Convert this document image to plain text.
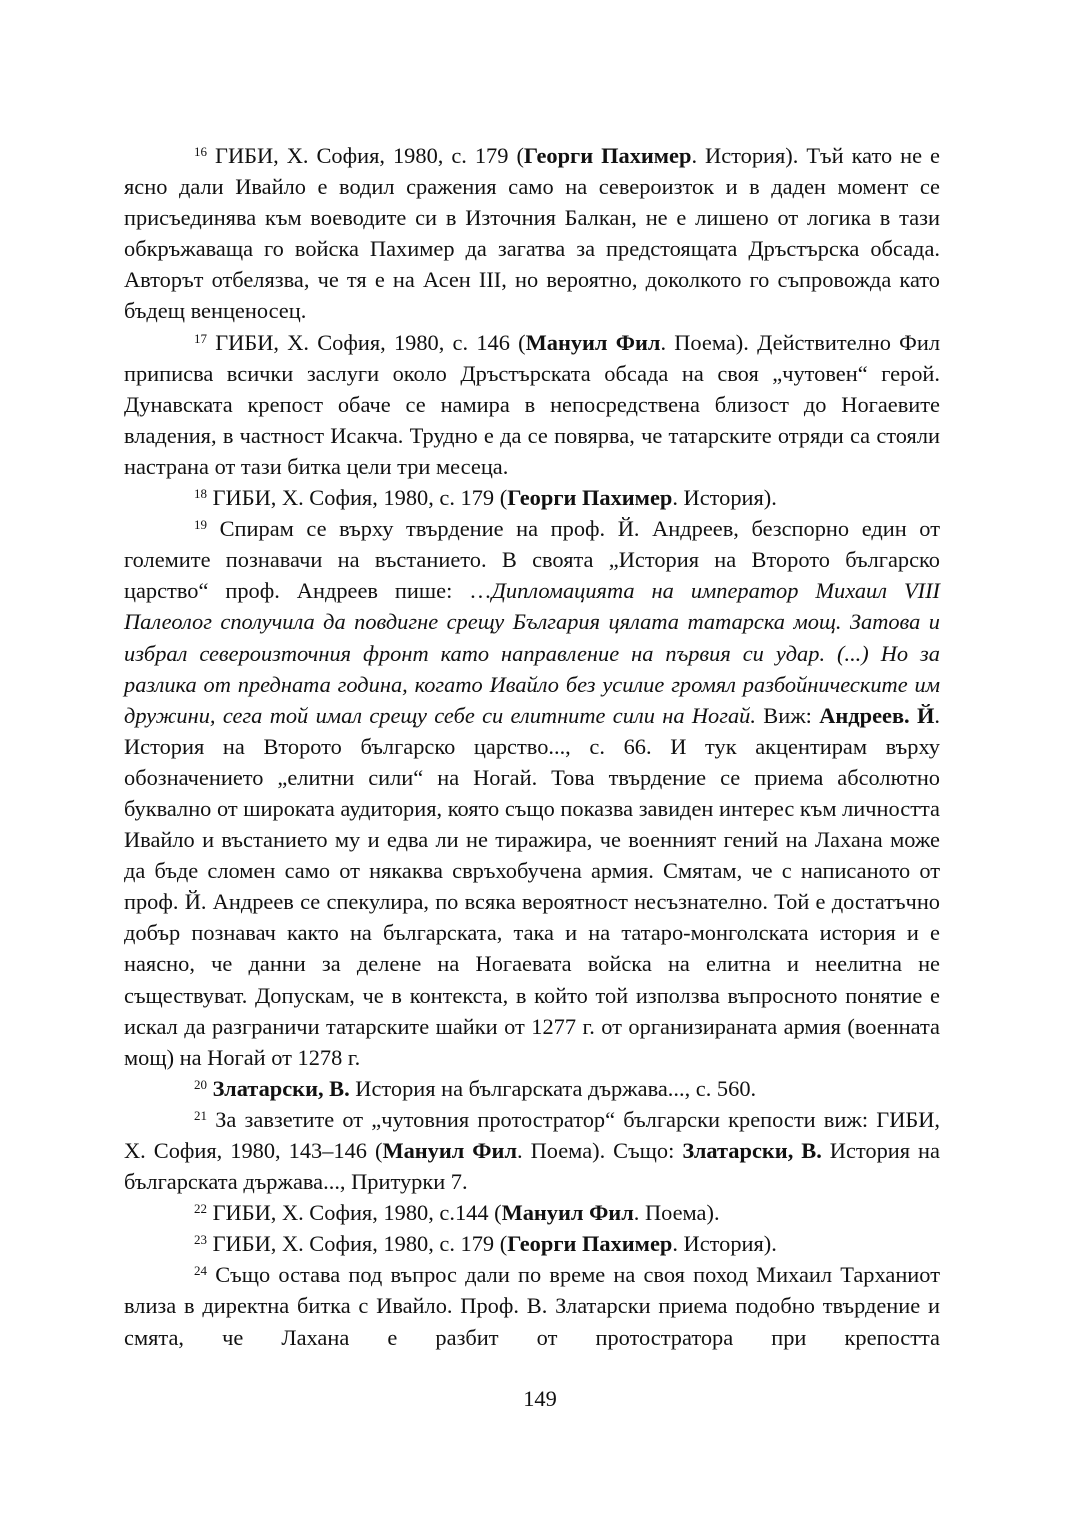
$^{16}$ ГИБИ, Х. София, 1980, с. 179 (Георги Пахимер. История). Тъй като не е ясно дали Ивайло е водил сражения само на североизток и в даден момент се присъединява към воеводите си в Източния Балкан, не е лишено от логика в тази обкръжаваща го войска Пахимер да загатва за предстоящата Дръстърска обсада. Авторът отбелязва, че тя е на Асен ІІІ, но вероятно, доколкото го съпровожда като бъдещ венценосец.

$^{17}$ ГИБИ, Х. София, 1980, с. 146 (Мануил Фил. Поема). Действително Фил приписва всички заслуги около Дръстърската обсада на своя „чутовен“ герой. Дунавската крепост обаче се намира в непосредствена близост до Ногаевите владения, в частност Исакча. Трудно е да се повярва, че татарските отряди са стояли настрана от тази битка цели три месеца.

$^{18}$ ГИБИ, Х. София, 1980, с. 179 (Георги Пахимер. История).

$^{19}$ Спирам се върху твърдение на проф. Й. Андреев, безспорно един от големите познавачи на въстанието. В своята „История на Второто българско царство“ проф. Андреев пише: …Дипломацията на император Михаил VIII Палеолог сполучила да повдигне срещу България цялата татарска мощ. Затова и избрал североизточния фронт като направление на първия си удар. (...) Но за разлика от предната година, когато Ивайло без усилие громял разбойническите им дружини, сега той имал срещу себе си елитните сили на Ногай. Виж: Андреев. Й. История на Второто българско царство..., с. 66. И тук акцентирам върху обозначението „елитни сили“ на Ногай. Това твърдение се приема абсолютно буквално от широката аудитория, която също показва завиден интерес към личността Ивайло и въстанието му и едва ли не тиражира, че военният гений на Лахана може да бъде сломен само от някаква свръхобучена армия. Смятам, че с написаното от проф. Й. Андреев се спекулира, по всяка вероятност несъзнателно. Той е достатъчно добър познавач както на българската, така и на татаро-монголската история и е наясно, че данни за делене на Ногаевата войска на елитна и неелитна не съществуват. Допускам, че в контекста, в който той използва въпросното понятие е искал да разграничи татарските шайки от 1277 г. от организираната армия (военната мощ) на Ногай от 1278 г.

$^{20}$ Златарски, В. История на българската държава..., с. 560.

$^{21}$ За завзетите от „чутовния протостратор“ български крепости виж: ГИБИ, Х. София, 1980, 143–146 (Мануил Фил. Поема). Също: Златарски, В. История на българската държава..., Притурки 7.

$^{22}$ ГИБИ, Х. София, 1980, с.144 (Мануил Фил. Поема).

$^{23}$ ГИБИ, Х. София, 1980, с. 179 (Георги Пахимер. История).

$^{24}$ Също остава под въпрос дали по време на своя поход Михаил Тарханиот влиза в директна битка с Ивайло. Проф. В. Златарски приема подобно твърдение и смята, че Лахана е разбит от протостратора при крепостта

149
